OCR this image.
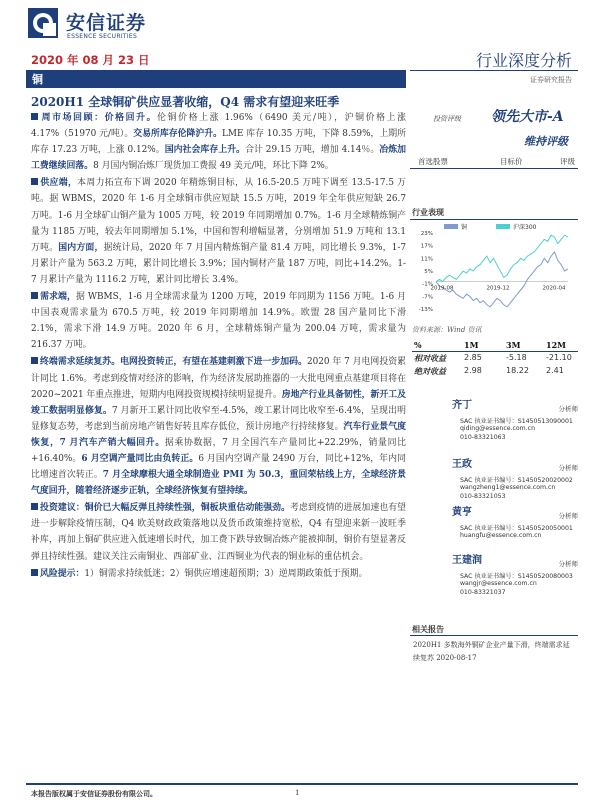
安信证券
ESSENCE SECURITIES
2020 年 08 月 23 日	行业深度分析
铜	证券研究报告
2020H1 全球铜矿供应显著收缩，Q4 需求有望迎来旺季

周市场回顾：价格回升。伦铜价格上涨 1.96%（6490 美元/吨），沪铜价格上涨 4.17%（51970 元/吨）。交易所库存伦降沪升。LME 库存 10.35 万吨，下降 8.59%，上期所库存 17.23 万吨，上涨 0.12%。国内社会库存上升。合计 29.15 万吨，增加 4.14％。冶炼加工费继续回落。8 月国内铜冶炼厂现货加工费报 49 美元/吨，环比下降 2%。

供应端，本周力拓宣布下调 2020 年精炼铜目标，从 16.5-20.5 万吨下调至 13.5-17.5 万吨。据 WBMS，2020 年 1-6 月全球铜市供应短缺 15.5 万吨，2019 年全年供应短缺 26.7 万吨。1-6 月全球矿山铜产量为 1005 万吨，较 2019 年同期增加 0.7%。1-6 月全球精炼铜产量为 1185 万吨，较去年同期增加 5.1%，中国和智利增幅显著，分别增加 51.9 万吨和 13.1 万吨。国内方面，据统计局，2020 年 7 月国内精炼铜产量 81.4 万吨，同比增长 9.3%，1-7 月累计产量为 563.2 万吨，累计同比增长 3.9%；国内铜材产量 187 万吨，同比+14.2%。1-7 月累计产量为 1116.2 万吨，累计同比增长 3.4%。

需求端，据 WBMS，1-6 月全球需求量为 1200 万吨，2019 年同期为 1156 万吨。1-6 月中国表观需求量为 670.5 万吨，较 2019 年同期增加 14.9%。欧盟 28 国产量同比下滑 2.1%，需求下滑 14.9 万吨。2020 年 6 月，全球精炼铜产量为 200.04 万吨，需求量为 216.37 万吨。

终端需求延续复苏。电网投资转正，有望在基建刺激下进一步加码。2020 年 7 月电网投资累计同比 1.6%。考虑到疫情对经济的影响，作为经济发展助推器的一大批电网重点基建项目将在 2020~2021 年重点推进，短期内电网投资规模持续明显提升。房地产行业具备韧性，新开工及竣工数据明显修复。7 月新开工累计同比收窄至-4.5%，竣工累计同比收窄至-6.4%，呈现出明显修复态势，考虑到当前房地产销售好转且库存低位，预计房地产行持续修复。汽车行业景气度恢复，7 月汽车产销大幅回升。据乘协数据，7 月全国汽车产量同比+22.29%，销量同比+16.40%。6 月空调产量同比由负转正。6 月国内空调产量 2490 万台，同比+12%，年内同比增速首次转正。7 月全球摩根大通全球制造业 PMI 为 50.3，重回荣枯线上方，全球经济景气度回升，随着经济逐步正轨，全球经济恢复有望持续。

投资建议：铜价已大幅反弹且持续性强，铜板块重估动能强劲。考虑到疫情的进展加速也有望进一步解除疫情压制，Q4 欧美财政政策落地以及货币政策维持宽松，Q4 有望迎来新一波旺季补库，再加上铜矿供应进入低速增长时代，加工费下跌导致铜冶炼产能被抑制，铜价有望显著反弹且持续性强。建议关注云南铜业、西部矿业、江西铜业为代表的铜业标的重估机会。

风险提示：1）铜需求持续低迷；2）铜供应增速超预期；3）逆周期政策低于预期。

投资评级 领先大市-A
维持评级
首选股票	目标价	评级
行业表现
铜	沪深300
23%
17%
11%
5%
-1%
-7%
-13%
2019-08	2019-12	2020-04
资料来源：Wind 资讯
%	1M	3M	12M
相对收益 2.85	-5.18 -21.10
绝对收益 2.98	18.22 2.41
齐丁	分析师
SAC 执业证书编号：S1450513090001
qiding@essence.com.cn
010-83321063
王政	分析师
SAC 执业证书编号：S1450520020002
wangzheng1@essence.com.cn
010-83321053
黄亨	分析师
SAC 执业证书编号：S1450520050001
huangfu@essence.com.cn
王建润	分析师
SAC 执业证书编号：S1450520080003
wangjr@essence.com.cn
010-83321037
相关报告
2020H1 多数海外铜矿企业产量下滑，终端需求延续复苏 2020-08-17
本报告版权属于安信证券股份有限公司。	1
